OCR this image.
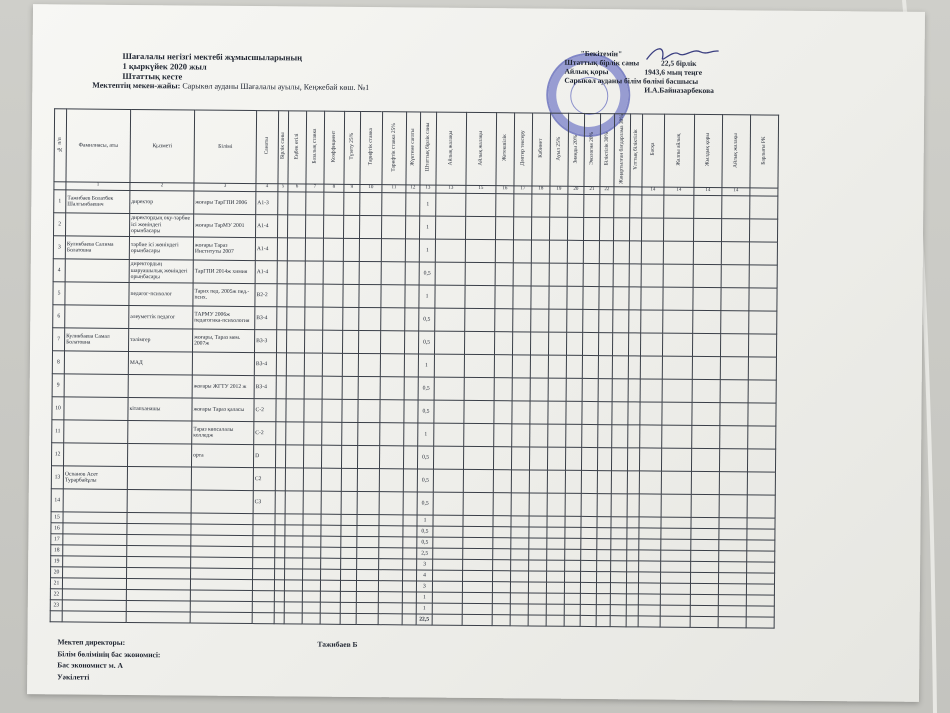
Шағалалы негізгі мектебі жұмысшыларының
1 қыркүйек 2020 жыл
Штаттық кесте
Мектептің мекен-жайы: Сарыкөл ауданы Шағалалы ауылы, Кеңжебай көш. №1
"Бекітемін"
Штаттық бірлік саны	22,5 бірлік
Айлық қоры	1943,6 мың теңге
Сарыкөл ауданы білім бөлімі басшысы
И.А.Байназарбекова
№ п/п	Фамилиясы, аты	Қызметі	Білімі	Санаты	Бірлік саны	Еңбек өтілі	Базалық ставка	Коэффициент	Түзету 25%	Тарифтік ставка	Тарифтік ставка 25%	Жүктеме сағаты	Штаттық бірлік саны	Айлық жалақы	Айлық жалақы	Жетекшілік	Дәптер тексеру	Кабинет	Ауыл 25%	Зиянды 20%	Экология 20%	Біліктілік 30%	Жаңартылған бағдарлама 30%	Ұлттық біліктілік	Басқа	Жалпы айлық	Жылдық қоры	Айлық жалақы	Барлығы РК
	1	2	3	4	5	6	7	8	9	10	11	12	13	13	15	16	17	18	19	20	21	22			14	14	14	14	
1	Тажибаев Болатбек Шалгынбаевич	директор	жоғары ТарГПИ 2006	А1-3									1																
2		директордың оқу-тәрбие ісі жөніндегі орынбасары	жоғары ТарМУ 2001	А1-4									1																
3	Куликбаева Салима Болатовна	тәрбие ісі жөніндегі орынбасары	жоғары Тараз Институты 2007	А1-4									1																
4		директордың шаруашылық жөніндегі орынбасары	ТарГПИ 2014ж химия	А1-4									0,5																
5		педагог-психолог	Тарих пед. 2005ж пед.-псих.	В2-2									1																
6		әлеуметтік педагог	ТАРМУ 2006ж педагогика-психология	В3-4									0,5																
7	Куликбаева Самал Болатовна	тәлімгер	жоғары, Тараз мем. 2007ж	В3-3									0,5																
8		МАД		В3-4									1																
9			жоғары ЖГТУ 2012 ж	В3-4									0,5																
10		кітапханашы	жоғары Тараз қаласы	С-2									0,5																
11			Тараз көпсалалы колледж	С-2									1																
12			орта	D									0,5																
13	Оспанов Асет Турарбайұлы			С2									0,5																
14				С3									0,5																
15													1																
16													0,5																
17													0,5																
18													2,5																
19													3																
20													4																
21													3																
22													1																
23													1																
													22,5																
Мектеп директоры:	Тажибаев Б
Білім бөлімінің бас экономисі:
Бас экономист м. А
Уәкілетті
